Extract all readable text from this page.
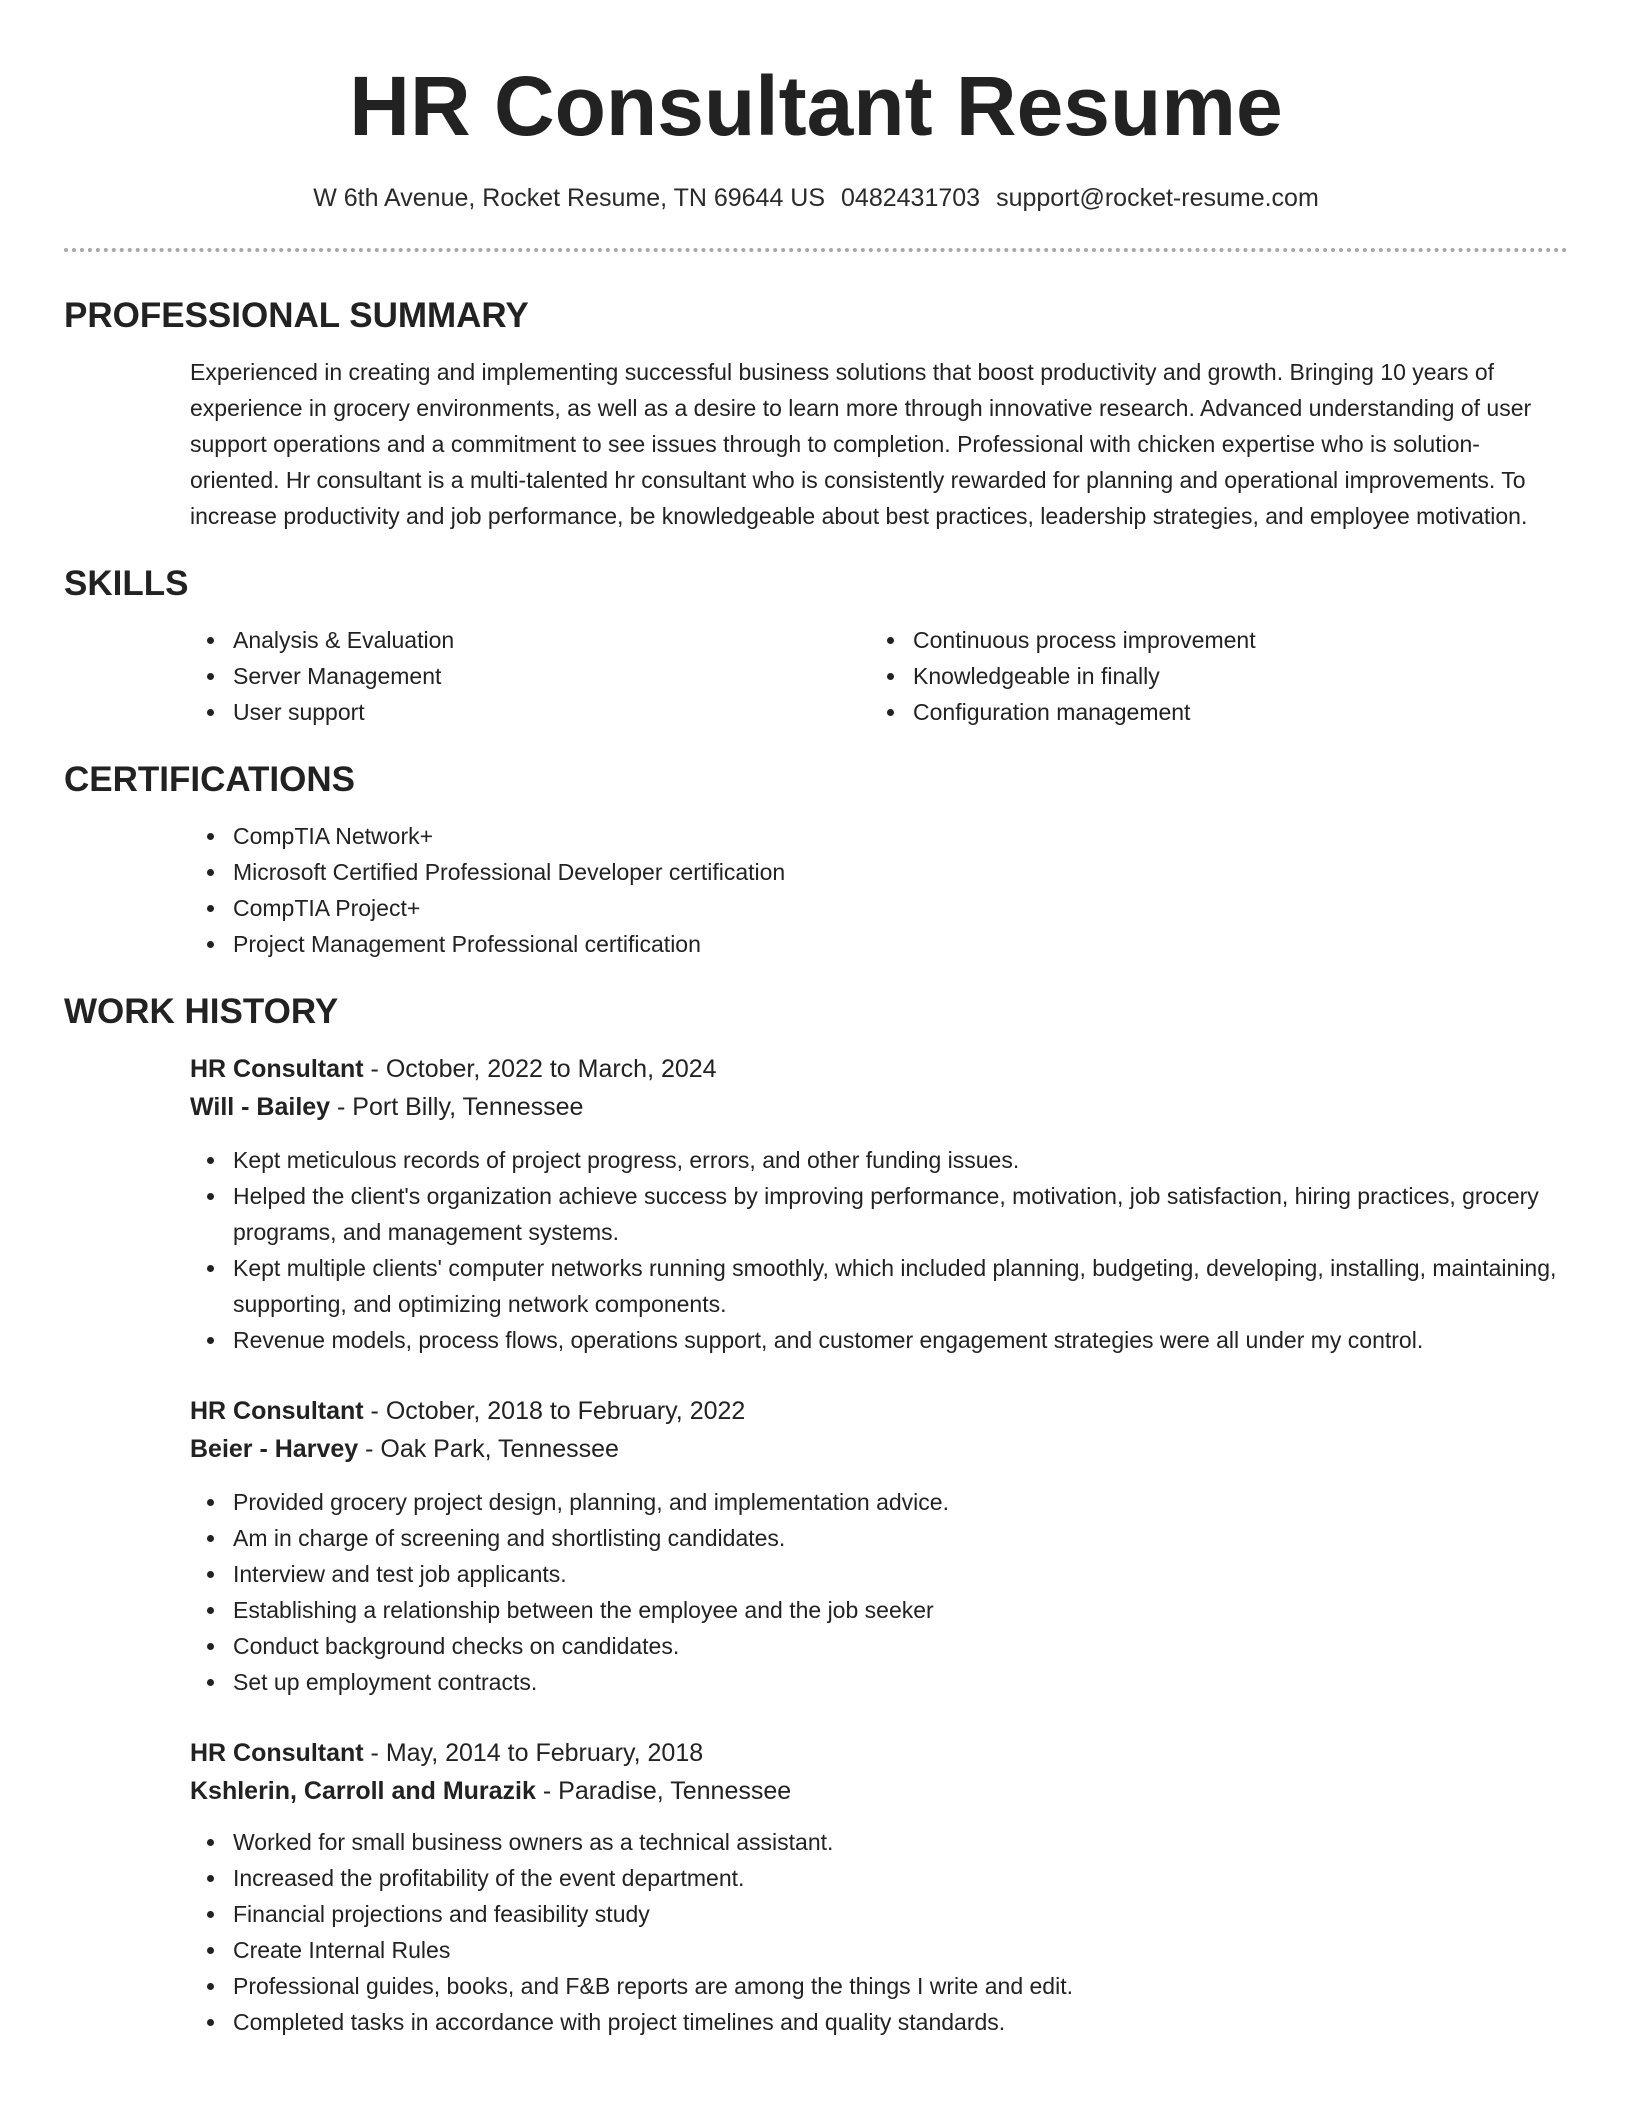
HR Consultant Resume
W 6th Avenue, Rocket Resume, TN 69644 US 0482431703 support@rocket-resume.com
PROFESSIONAL SUMMARY
Experienced in creating and implementing successful business solutions that boost productivity and growth. Bringing 10 years of experience in grocery environments, as well as a desire to learn more through innovative research. Advanced understanding of user support operations and a commitment to see issues through to completion. Professional with chicken expertise who is solution-oriented. Hr consultant is a multi-talented hr consultant who is consistently rewarded for planning and operational improvements. To increase productivity and job performance, be knowledgeable about best practices, leadership strategies, and employee motivation.
SKILLS
Analysis & Evaluation
Server Management
User support
Continuous process improvement
Knowledgeable in finally
Configuration management
CERTIFICATIONS
CompTIA Network+
Microsoft Certified Professional Developer certification
CompTIA Project+
Project Management Professional certification
WORK HISTORY
HR Consultant - October, 2022 to March, 2024
Will - Bailey - Port Billy, Tennessee
Kept meticulous records of project progress, errors, and other funding issues.
Helped the client's organization achieve success by improving performance, motivation, job satisfaction, hiring practices, grocery programs, and management systems.
Kept multiple clients' computer networks running smoothly, which included planning, budgeting, developing, installing, maintaining, supporting, and optimizing network components.
Revenue models, process flows, operations support, and customer engagement strategies were all under my control.
HR Consultant - October, 2018 to February, 2022
Beier - Harvey - Oak Park, Tennessee
Provided grocery project design, planning, and implementation advice.
Am in charge of screening and shortlisting candidates.
Interview and test job applicants.
Establishing a relationship between the employee and the job seeker
Conduct background checks on candidates.
Set up employment contracts.
HR Consultant - May, 2014 to February, 2018
Kshlerin, Carroll and Murazik - Paradise, Tennessee
Worked for small business owners as a technical assistant.
Increased the profitability of the event department.
Financial projections and feasibility study
Create Internal Rules
Professional guides, books, and F&B reports are among the things I write and edit.
Completed tasks in accordance with project timelines and quality standards.
